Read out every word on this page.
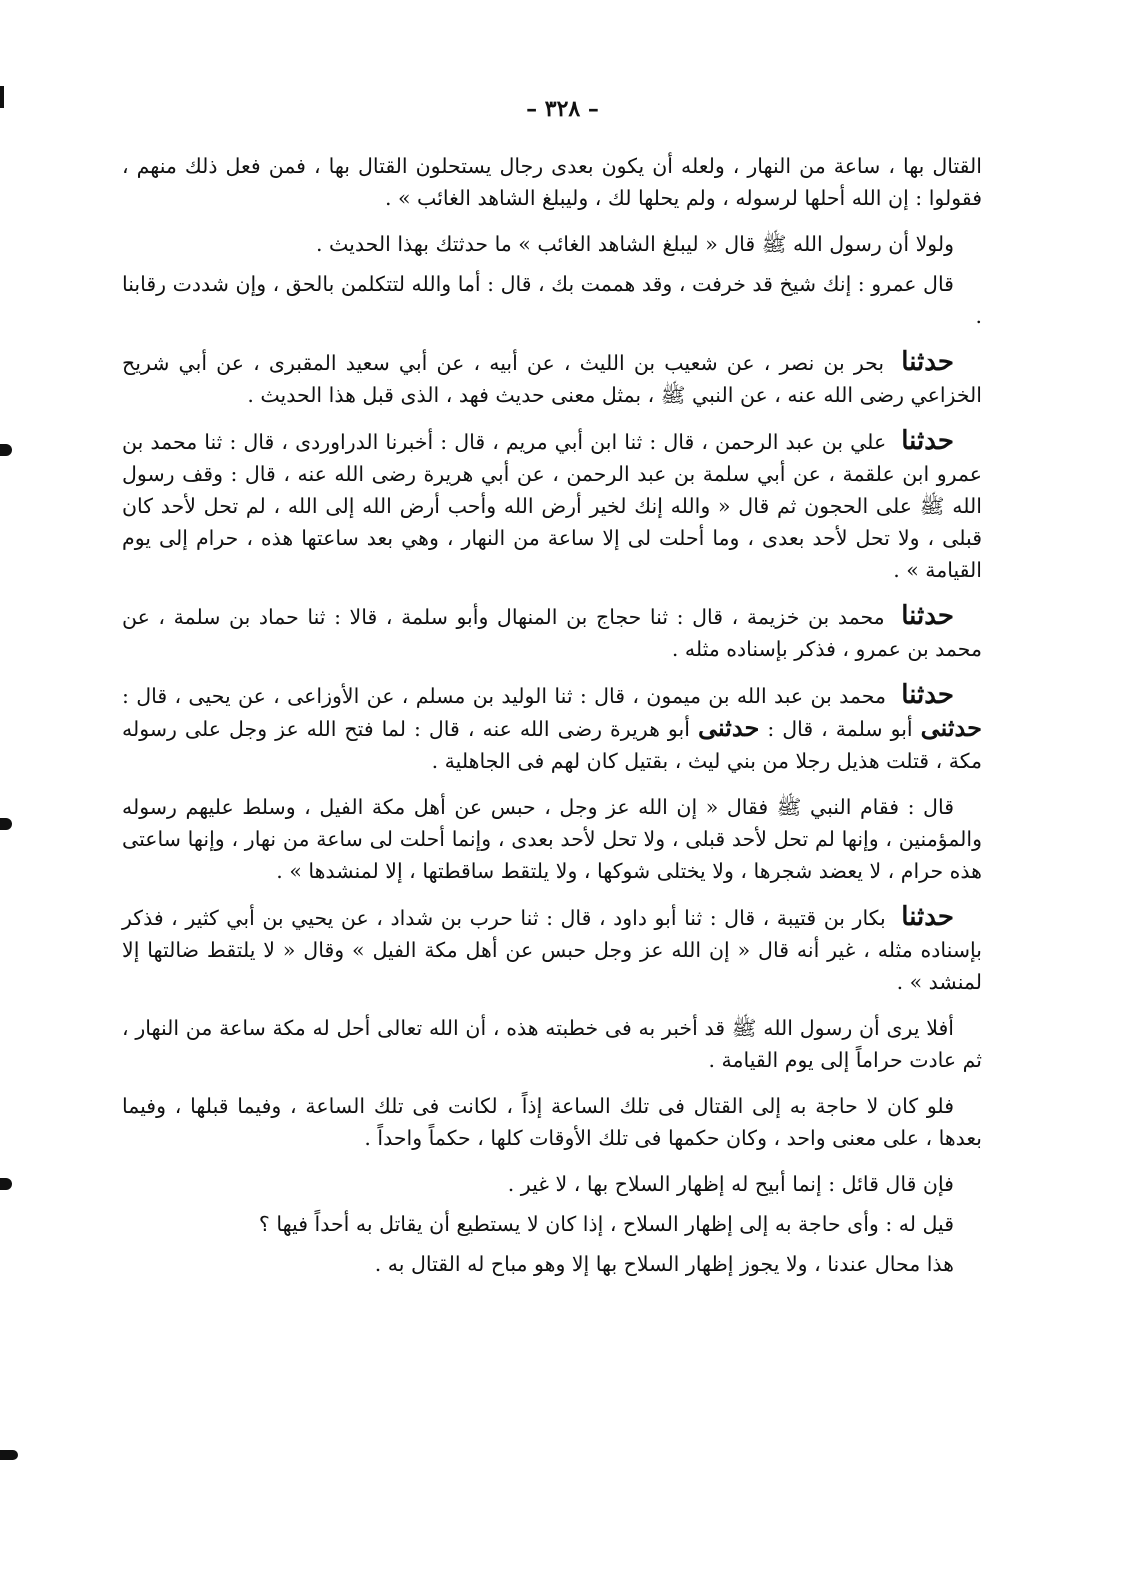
– ٣٢٨ –

القتال بها ، ساعة من النهار ، ولعله أن يكون بعدى رجال يستحلون القتال بها ، فمن فعل ذلك منهم ، فقولوا : إن الله أحلها لرسوله ، ولم يحلها لك ، وليبلغ الشاهد الغائب » .

ولولا أن رسول الله ﷺ قال « ليبلغ الشاهد الغائب » ما حدثتك بهذا الحديث .

قال عمرو : إنك شيخ قد خرفت ، وقد هممت بك ، قال : أما والله لتتكلمن بالحق ، وإن شددت رقابنا .

حدثنا بحر بن نصر ، عن شعيب بن الليث ، عن أبيه ، عن أبي سعيد المقبرى ، عن أبي شريح الخزاعي رضى الله عنه ، عن النبي ﷺ ، بمثل معنى حديث فهد ، الذى قبل هذا الحديث .

حدثنا علي بن عبد الرحمن ، قال : ثنا ابن أبي مريم ، قال : أخبرنا الدراوردى ، قال : ثنا محمد بن عمرو ابن علقمة ، عن أبي سلمة بن عبد الرحمن ، عن أبي هريرة رضى الله عنه ، قال : وقف رسول الله ﷺ على الحجون ثم قال « والله إنك لخير أرض الله وأحب أرض الله إلى الله ، لم تحل لأحد كان قبلى ، ولا تحل لأحد بعدى ، وما أحلت لى إلا ساعة من النهار ، وهي بعد ساعتها هذه ، حرام إلى يوم القيامة » .

حدثنا محمد بن خزيمة ، قال : ثنا حجاج بن المنهال وأبو سلمة ، قالا : ثنا حماد بن سلمة ، عن محمد بن عمرو ، فذكر بإسناده مثله .

حدثنا محمد بن عبد الله بن ميمون ، قال : ثنا الوليد بن مسلم ، عن الأوزاعى ، عن يحيى ، قال : حدثنى أبو سلمة ، قال : حدثنى أبو هريرة رضى الله عنه ، قال : لما فتح الله عز وجل على رسوله مكة ، قتلت هذيل رجلا من بني ليث ، بقتيل كان لهم فى الجاهلية .

قال : فقام النبي ﷺ فقال « إن الله عز وجل ، حبس عن أهل مكة الفيل ، وسلط عليهم رسوله والمؤمنين ، وإنها لم تحل لأحد قبلى ، ولا تحل لأحد بعدى ، وإنما أحلت لى ساعة من نهار ، وإنها ساعتى هذه حرام ، لا يعضد شجرها ، ولا يختلى شوكها ، ولا يلتقط ساقطتها ، إلا لمنشدها » .

حدثنا بكار بن قتيبة ، قال : ثنا أبو داود ، قال : ثنا حرب بن شداد ، عن يحيي بن أبي كثير ، فذكر بإسناده مثله ، غير أنه قال « إن الله عز وجل حبس عن أهل مكة الفيل » وقال « لا يلتقط ضالتها إلا لمنشد » .

أفلا يرى أن رسول الله ﷺ قد أخبر به فى خطبته هذه ، أن الله تعالى أحل له مكة ساعة من النهار ، ثم عادت حراماً إلى يوم القيامة .

فلو كان لا حاجة به إلى القتال فى تلك الساعة إذاً ، لكانت فى تلك الساعة ، وفيما قبلها ، وفيما بعدها ، على معنى واحد ، وكان حكمها فى تلك الأوقات كلها ، حكماً واحداً .

فإن قال قائل : إنما أبيح له إظهار السلاح بها ، لا غير .

قيل له : وأى حاجة به إلى إظهار السلاح ، إذا كان لا يستطيع أن يقاتل به أحداً فيها ؟

هذا محال عندنا ، ولا يجوز إظهار السلاح بها إلا وهو مباح له القتال به .
